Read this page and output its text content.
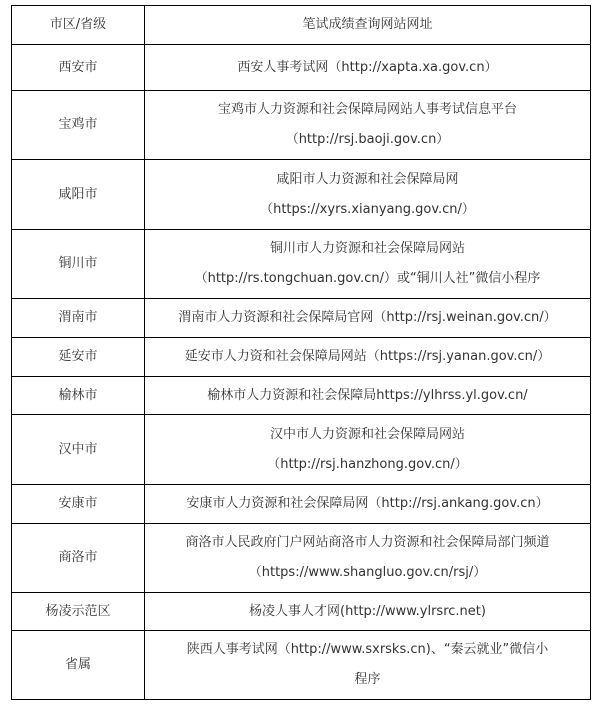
市区/省级	笔试成绩查询网站网址
西安市	西安人事考试网（http://xapta.xa.gov.cn）

宝鸡市	宝鸡市人力资源和社会保障局网站人事考试信息平台
（http://rsj.baoji.gov.cn）

咸阳市	咸阳市人力资源和社会保障局网
（https://xyrs.xianyang.gov.cn/）

铜川市	铜川市人力资源和社会保障局网站
（http://rs.tongchuan.gov.cn/）或“铜川人社”微信小程序

渭南市	渭南市人力资源和社会保障局官网（http://rsj.weinan.gov.cn/）

延安市	延安市人力资和社会保障局网站（https://rsj.yanan.gov.cn/）

榆林市	榆林市人力资源和社会保障局https://ylhrss.yl.gov.cn/

汉中市	汉中市人力资源和社会保障局网站
（http://rsj.hanzhong.gov.cn/）

安康市	安康市人力资源和社会保障局网（http://rsj.ankang.gov.cn）

商洛市	商洛市人民政府门户网站商洛市人力资源和社会保障局部门频道
（https://www.shangluo.gov.cn/rsj/）

杨凌示范区	杨凌人事人才网(http://www.ylrsrc.net)

省属	陕西人事考试网（http://www.sxrsks.cn)、“秦云就业”微信小
程序
